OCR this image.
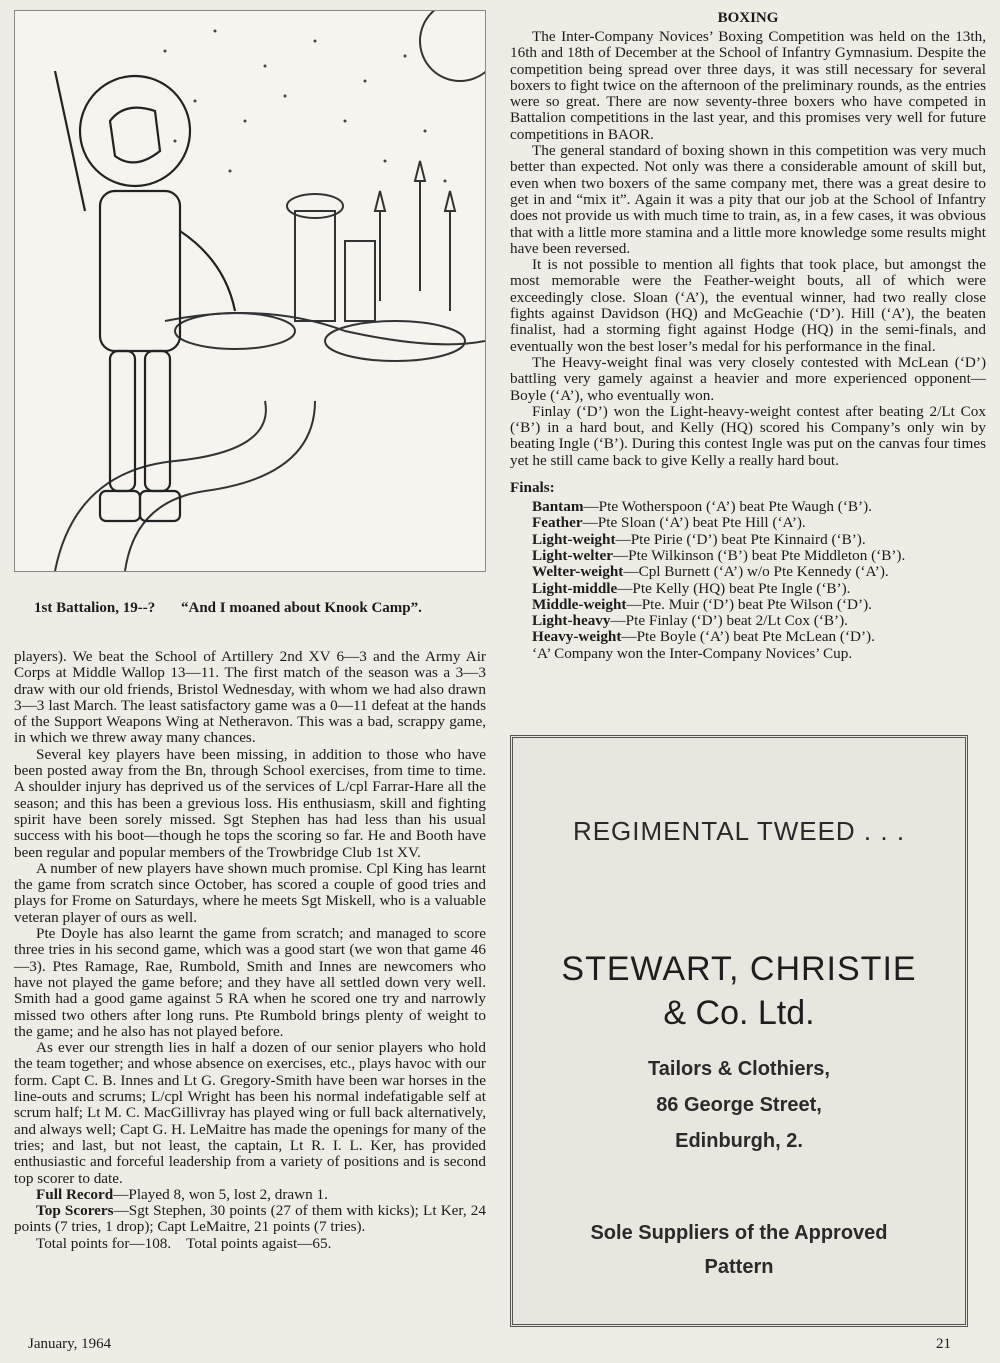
1st Battalion, 19--? “And I moaned about Knook Camp”.

players). We beat the School of Artillery 2nd XV 6—3 and the Army Air Corps at Middle Wallop 13—11. The first match of the season was a 3—3 draw with our old friends, Bristol Wednesday, with whom we had also drawn 3—3 last March. The least satisfactory game was a 0—11 defeat at the hands of the Support Weapons Wing at Netheravon. This was a bad, scrappy game, in which we threw away many chances.

Several key players have been missing, in addition to those who have been posted away from the Bn, through School exercises, from time to time. A shoulder injury has deprived us of the services of L/cpl Farrar-Hare all the season; and this has been a grevious loss. His enthusiasm, skill and fighting spirit have been sorely missed. Sgt Stephen has had less than his usual success with his boot—though he tops the scoring so far. He and Booth have been regular and popular members of the Trowbridge Club 1st XV.

A number of new players have shown much promise. Cpl King has learnt the game from scratch since October, has scored a couple of good tries and plays for Frome on Saturdays, where he meets Sgt Miskell, who is a valuable veteran player of ours as well.

Pte Doyle has also learnt the game from scratch; and managed to score three tries in his second game, which was a good start (we won that game 46—3). Ptes Ramage, Rae, Rumbold, Smith and Innes are newcomers who have not played the game before; and they have all settled down very well. Smith had a good game against 5 RA when he scored one try and narrowly missed two others after long runs. Pte Rumbold brings plenty of weight to the game; and he also has not played before.

As ever our strength lies in half a dozen of our senior players who hold the team together; and whose absence on exercises, etc., plays havoc with our form. Capt C. B. Innes and Lt G. Gregory-Smith have been war horses in the line-outs and scrums; L/cpl Wright has been his normal indefatigable self at scrum half; Lt M. C. MacGillivray has played wing or full back alternatively, and always well; Capt G. H. LeMaitre has made the openings for many of the tries; and last, but not least, the captain, Lt R. I. L. Ker, has provided enthusiastic and forceful leadership from a variety of positions and is second top scorer to date.

Full Record—Played 8, won 5, lost 2, drawn 1.

Top Scorers—Sgt Stephen, 30 points (27 of them with kicks); Lt Ker, 24 points (7 tries, 1 drop); Capt LeMaitre, 21 points (7 tries).

Total points for—108.    Total points agaist—65.

BOXING

The Inter-Company Novices’ Boxing Competition was held on the 13th, 16th and 18th of December at the School of Infantry Gymnasium. Despite the competition being spread over three days, it was still necessary for several boxers to fight twice on the afternoon of the preliminary rounds, as the entries were so great. There are now seventy-three boxers who have competed in Battalion competitions in the last year, and this promises very well for future competitions in BAOR.

The general standard of boxing shown in this competition was very much better than expected. Not only was there a considerable amount of skill but, even when two boxers of the same company met, there was a great desire to get in and “mix it”. Again it was a pity that our job at the School of Infantry does not provide us with much time to train, as, in a few cases, it was obvious that with a little more stamina and a little more knowledge some results might have been reversed.

It is not possible to mention all fights that took place, but amongst the most memorable were the Feather-weight bouts, all of which were exceedingly close. Sloan (‘A’), the eventual winner, had two really close fights against Davidson (HQ) and McGeachie (‘D’). Hill (‘A’), the beaten finalist, had a storming fight against Hodge (HQ) in the semi-finals, and eventually won the best loser’s medal for his performance in the final.

The Heavy-weight final was very closely contested with McLean (‘D’) battling very gamely against a heavier and more experienced opponent—Boyle (‘A’), who eventually won.

Finlay (‘D’) won the Light-heavy-weight contest after beating 2/Lt Cox (‘B’) in a hard bout, and Kelly (HQ) scored his Company’s only win by beating Ingle (‘B’). During this contest Ingle was put on the canvas four times yet he still came back to give Kelly a really hard bout.

Finals:
Bantam—Pte Wotherspoon (‘A’) beat Pte Waugh (‘B’).
Feather—Pte Sloan (‘A’) beat Pte Hill (‘A’).
Light-weight—Pte Pirie (‘D’) beat Pte Kinnaird (‘B’).
Light-welter—Pte Wilkinson (‘B’) beat Pte Middleton (‘B’).
Welter-weight—Cpl Burnett (‘A’) w/o Pte Kennedy (‘A’).
Light-middle—Pte Kelly (HQ) beat Pte Ingle (‘B’).
Middle-weight—Pte. Muir (‘D’) beat Pte Wilson (‘D’).
Light-heavy—Pte Finlay (‘D’) beat 2/Lt Cox (‘B’).
Heavy-weight—Pte Boyle (‘A’) beat Pte McLean (‘D’).
‘A’ Company won the Inter-Company Novices’ Cup.
REGIMENTAL TWEED . . .
STEWART, CHRISTIE
& Co. Ltd.
Tailors & Clothiers,
86 George Street,
Edinburgh, 2.
Sole Suppliers of the Approved
Pattern
January, 1964	21
